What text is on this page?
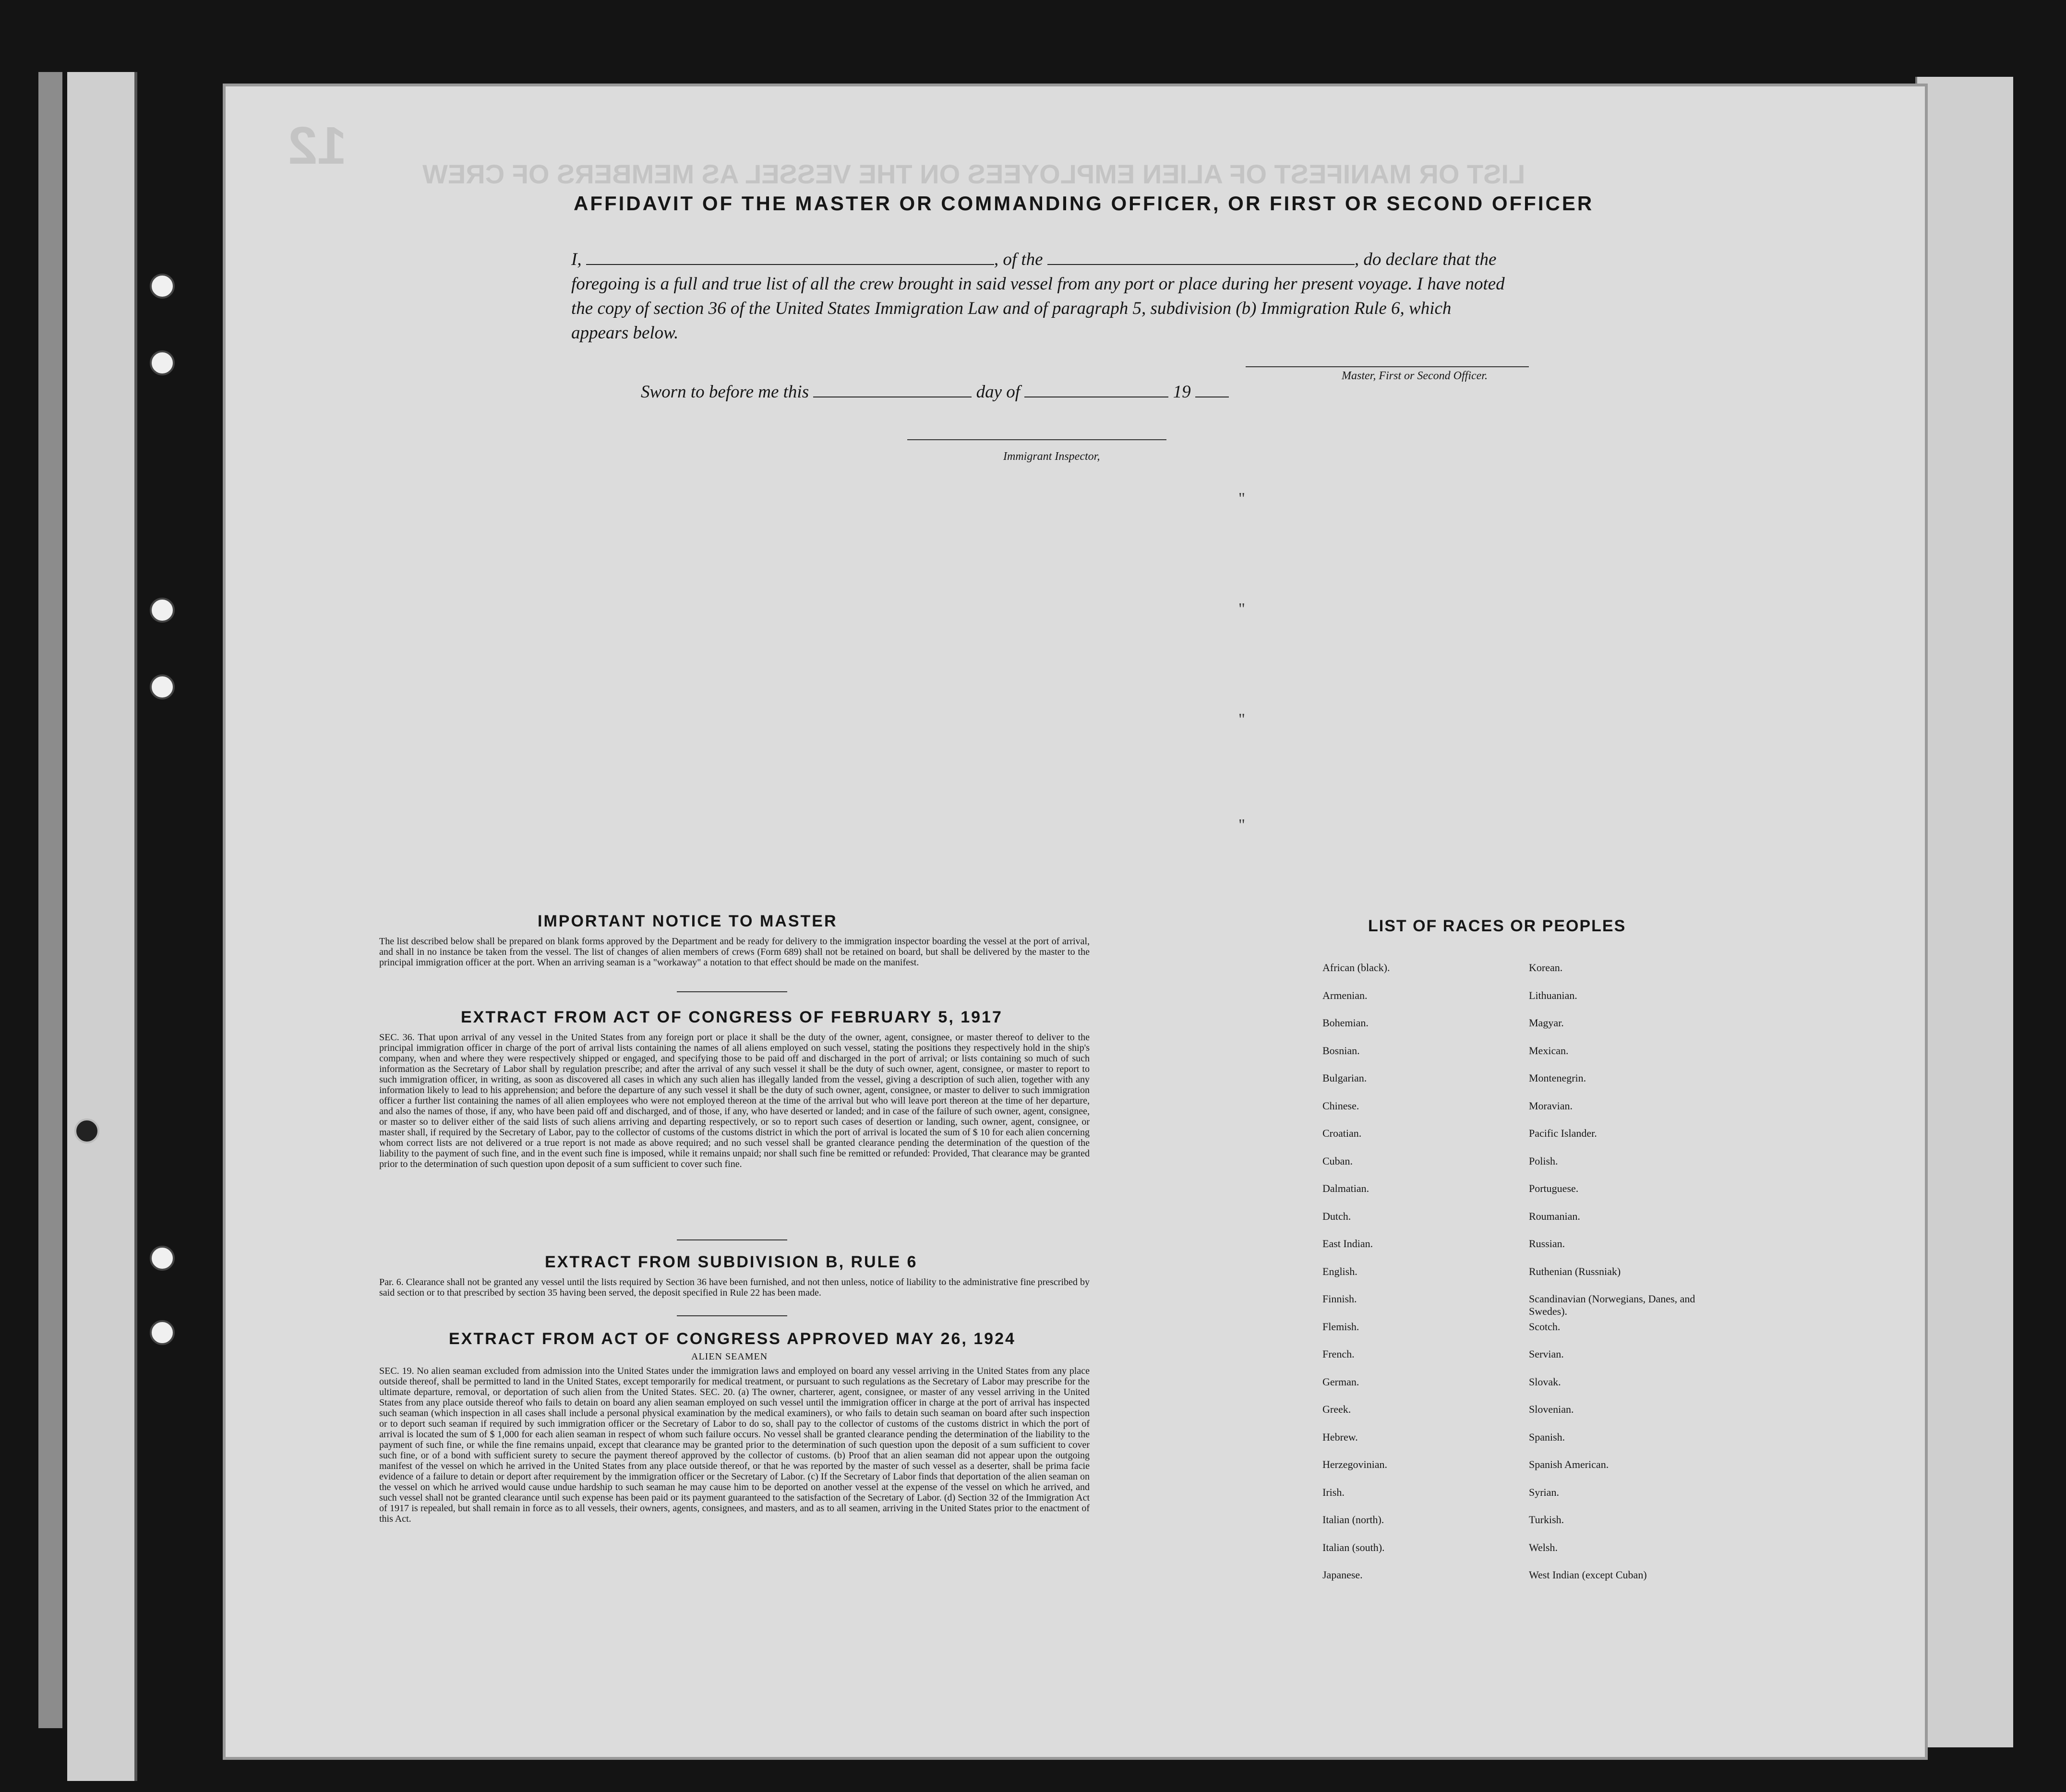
12	LIST OR MANIFEST OF ALIEN EMPLOYEES ON THE VESSEL AS MEMBERS OF CREW
AFFIDAVIT OF THE MASTER OR COMMANDING OFFICER, OR FIRST OR SECOND OFFICER
I,	, of the	, do declare that the foregoing is a full and true list of all the crew brought in said vessel from any port or place during her present voyage. I have noted the copy of section 36 of the United States Immigration Law and of paragraph 5, subdivision (b) Immigration Rule 6, which appears below.
Sworn to before me this	day of	19
Master, First or Second Officer.
Immigrant Inspector,
"
"
"
"
IMPORTANT NOTICE TO MASTER
The list described below shall be prepared on blank forms approved by the Department and be ready for delivery to the immigration inspector boarding the vessel at the port of arrival, and shall in no instance be taken from the vessel. The list of changes of alien members of crews (Form 689) shall not be retained on board, but shall be delivered by the master to the principal immigration officer at the port. When an arriving seaman is a "workaway" a notation to that effect should be made on the manifest.
EXTRACT FROM ACT OF CONGRESS OF FEBRUARY 5, 1917
SEC. 36. That upon arrival of any vessel in the United States from any foreign port or place it shall be the duty of the owner, agent, consignee, or master thereof to deliver to the principal immigration officer in charge of the port of arrival lists containing the names of all aliens employed on such vessel, stating the positions they respectively hold in the ship's company, when and where they were respectively shipped or engaged, and specifying those to be paid off and discharged in the port of arrival; or lists containing so much of such information as the Secretary of Labor shall by regulation prescribe; and after the arrival of any such vessel it shall be the duty of such owner, agent, consignee, or master to report to such immigration officer, in writing, as soon as discovered all cases in which any such alien has illegally landed from the vessel, giving a description of such alien, together with any information likely to lead to his apprehension; and before the departure of any such vessel it shall be the duty of such owner, agent, consignee, or master to deliver to such immigration officer a further list containing the names of all alien employees who were not employed thereon at the time of the arrival but who will leave port thereon at the time of her departure, and also the names of those, if any, who have been paid off and discharged, and of those, if any, who have deserted or landed; and in case of the failure of such owner, agent, consignee, or master so to deliver either of the said lists of such aliens arriving and departing respectively, or so to report such cases of desertion or landing, such owner, agent, consignee, or master shall, if required by the Secretary of Labor, pay to the collector of customs of the customs district in which the port of arrival is located the sum of $ 10 for each alien concerning whom correct lists are not delivered or a true report is not made as above required; and no such vessel shall be granted clearance pending the determination of the question of the liability to the payment of such fine, and in the event such fine is imposed, while it remains unpaid; nor shall such fine be remitted or refunded: Provided, That clearance may be granted prior to the determination of such question upon deposit of a sum sufficient to cover such fine.
EXTRACT FROM SUBDIVISION B, RULE 6
Par. 6. Clearance shall not be granted any vessel until the lists required by Section 36 have been furnished, and not then unless, notice of liability to the administrative fine prescribed by said section or to that prescribed by section 35 having been served, the deposit specified in Rule 22 has been made.
EXTRACT FROM ACT OF CONGRESS APPROVED MAY 26, 1924
ALIEN SEAMEN
SEC. 19. No alien seaman excluded from admission into the United States under the immigration laws and employed on board any vessel arriving in the United States from any place outside thereof, shall be permitted to land in the United States, except temporarily for medical treatment, or pursuant to such regulations as the Secretary of Labor may prescribe for the ultimate departure, removal, or deportation of such alien from the United States. SEC. 20. (a) The owner, charterer, agent, consignee, or master of any vessel arriving in the United States from any place outside thereof who fails to detain on board any alien seaman employed on such vessel until the immigration officer in charge at the port of arrival has inspected such seaman (which inspection in all cases shall include a personal physical examination by the medical examiners), or who fails to detain such seaman on board after such inspection or to deport such seaman if required by such immigration officer or the Secretary of Labor to do so, shall pay to the collector of customs of the customs district in which the port of arrival is located the sum of $ 1,000 for each alien seaman in respect of whom such failure occurs. No vessel shall be granted clearance pending the determination of the liability to the payment of such fine, or while the fine remains unpaid, except that clearance may be granted prior to the determination of such question upon the deposit of a sum sufficient to cover such fine, or of a bond with sufficient surety to secure the payment thereof approved by the collector of customs. (b) Proof that an alien seaman did not appear upon the outgoing manifest of the vessel on which he arrived in the United States from any place outside thereof, or that he was reported by the master of such vessel as a deserter, shall be prima facie evidence of a failure to detain or deport after requirement by the immigration officer or the Secretary of Labor. (c) If the Secretary of Labor finds that deportation of the alien seaman on the vessel on which he arrived would cause undue hardship to such seaman he may cause him to be deported on another vessel at the expense of the vessel on which he arrived, and such vessel shall not be granted clearance until such expense has been paid or its payment guaranteed to the satisfaction of the Secretary of Labor. (d) Section 32 of the Immigration Act of 1917 is repealed, but shall remain in force as to all vessels, their owners, agents, consignees, and masters, and as to all seamen, arriving in the United States prior to the enactment of this Act.
LIST OF RACES OR PEOPLES
African (black).
Armenian.
Bohemian.
Bosnian.
Bulgarian.
Chinese.
Croatian.
Cuban.
Dalmatian.
Dutch.
East Indian.
English.
Finnish.
Flemish.
French.
German.
Greek.
Hebrew.
Herzegovinian.
Irish.
Italian (north).
Italian (south).
Japanese.
Korean.
Lithuanian.
Magyar.
Mexican.
Montenegrin.
Moravian.
Pacific Islander.
Polish.
Portuguese.
Roumanian.
Russian.
Ruthenian (Russniak)
Scandinavian (Norwegians, Danes, and Swedes).
Scotch.
Servian.
Slovak.
Slovenian.
Spanish.
Spanish American.
Syrian.
Turkish.
Welsh.
West Indian (except Cuban)
